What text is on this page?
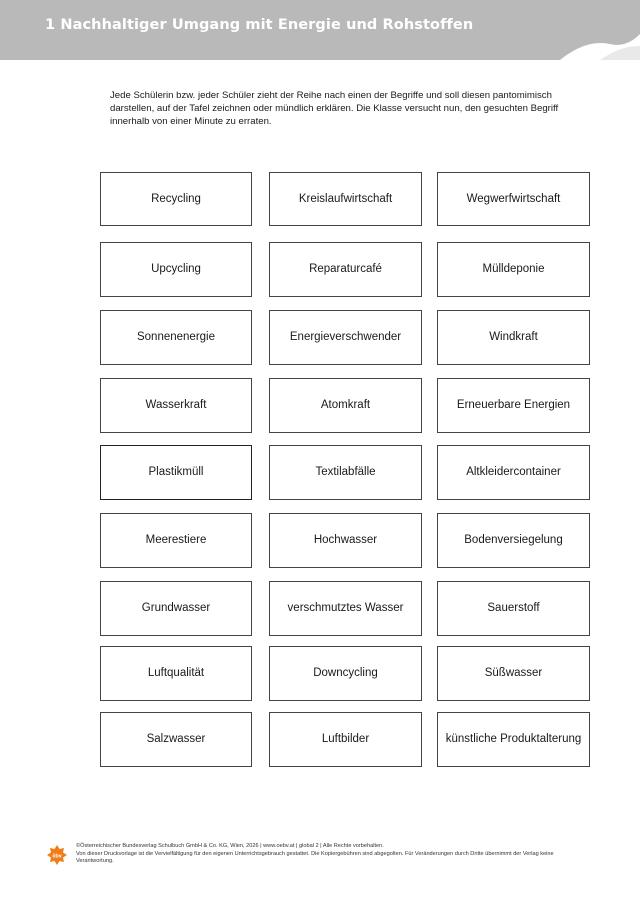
1 Nachhaltiger Umgang mit Energie und Rohstoffen
Jede Schülerin bzw. jeder Schüler zieht der Reihe nach einen der Begriffe und soll diesen pantomimisch darstellen, auf der Tafel zeichnen oder mündlich erklären. Die Klasse versucht nun, den gesuchten Begriff innerhalb von einer Minute zu erraten.
Recycling	Kreislaufwirtschaft	Wegwerfwirtschaft
Upcycling	Reparaturcafé	Mülldeponie
Sonnenenergie	Energieverschwender	Windkraft
Wasserkraft	Atomkraft	Erneuerbare Energien
Plastikmüll	Textilabfälle	Altkleidercontainer
Meerestiere	Hochwasser	Bodenversiegelung
Grundwasser	verschmutztes Wasser	Sauerstoff
Luftqualität	Downcycling	Süßwasser
Salzwasser	Luftbilder	künstliche Produktalterung
öbv
©Österreichischer Bundesverlag Schulbuch GmbH & Co. KG, Wien, 2026 | www.oebv.at | global 2 | Alle Rechte vorbehalten.
Von dieser Druckvorlage ist die Vervielfältigung für den eigenen Unterrichtsgebrauch gestattet. Die Kopiergebühren sind abgegolten. Für Veränderungen durch Dritte übernimmt der Verlag keine Verantwortung.
